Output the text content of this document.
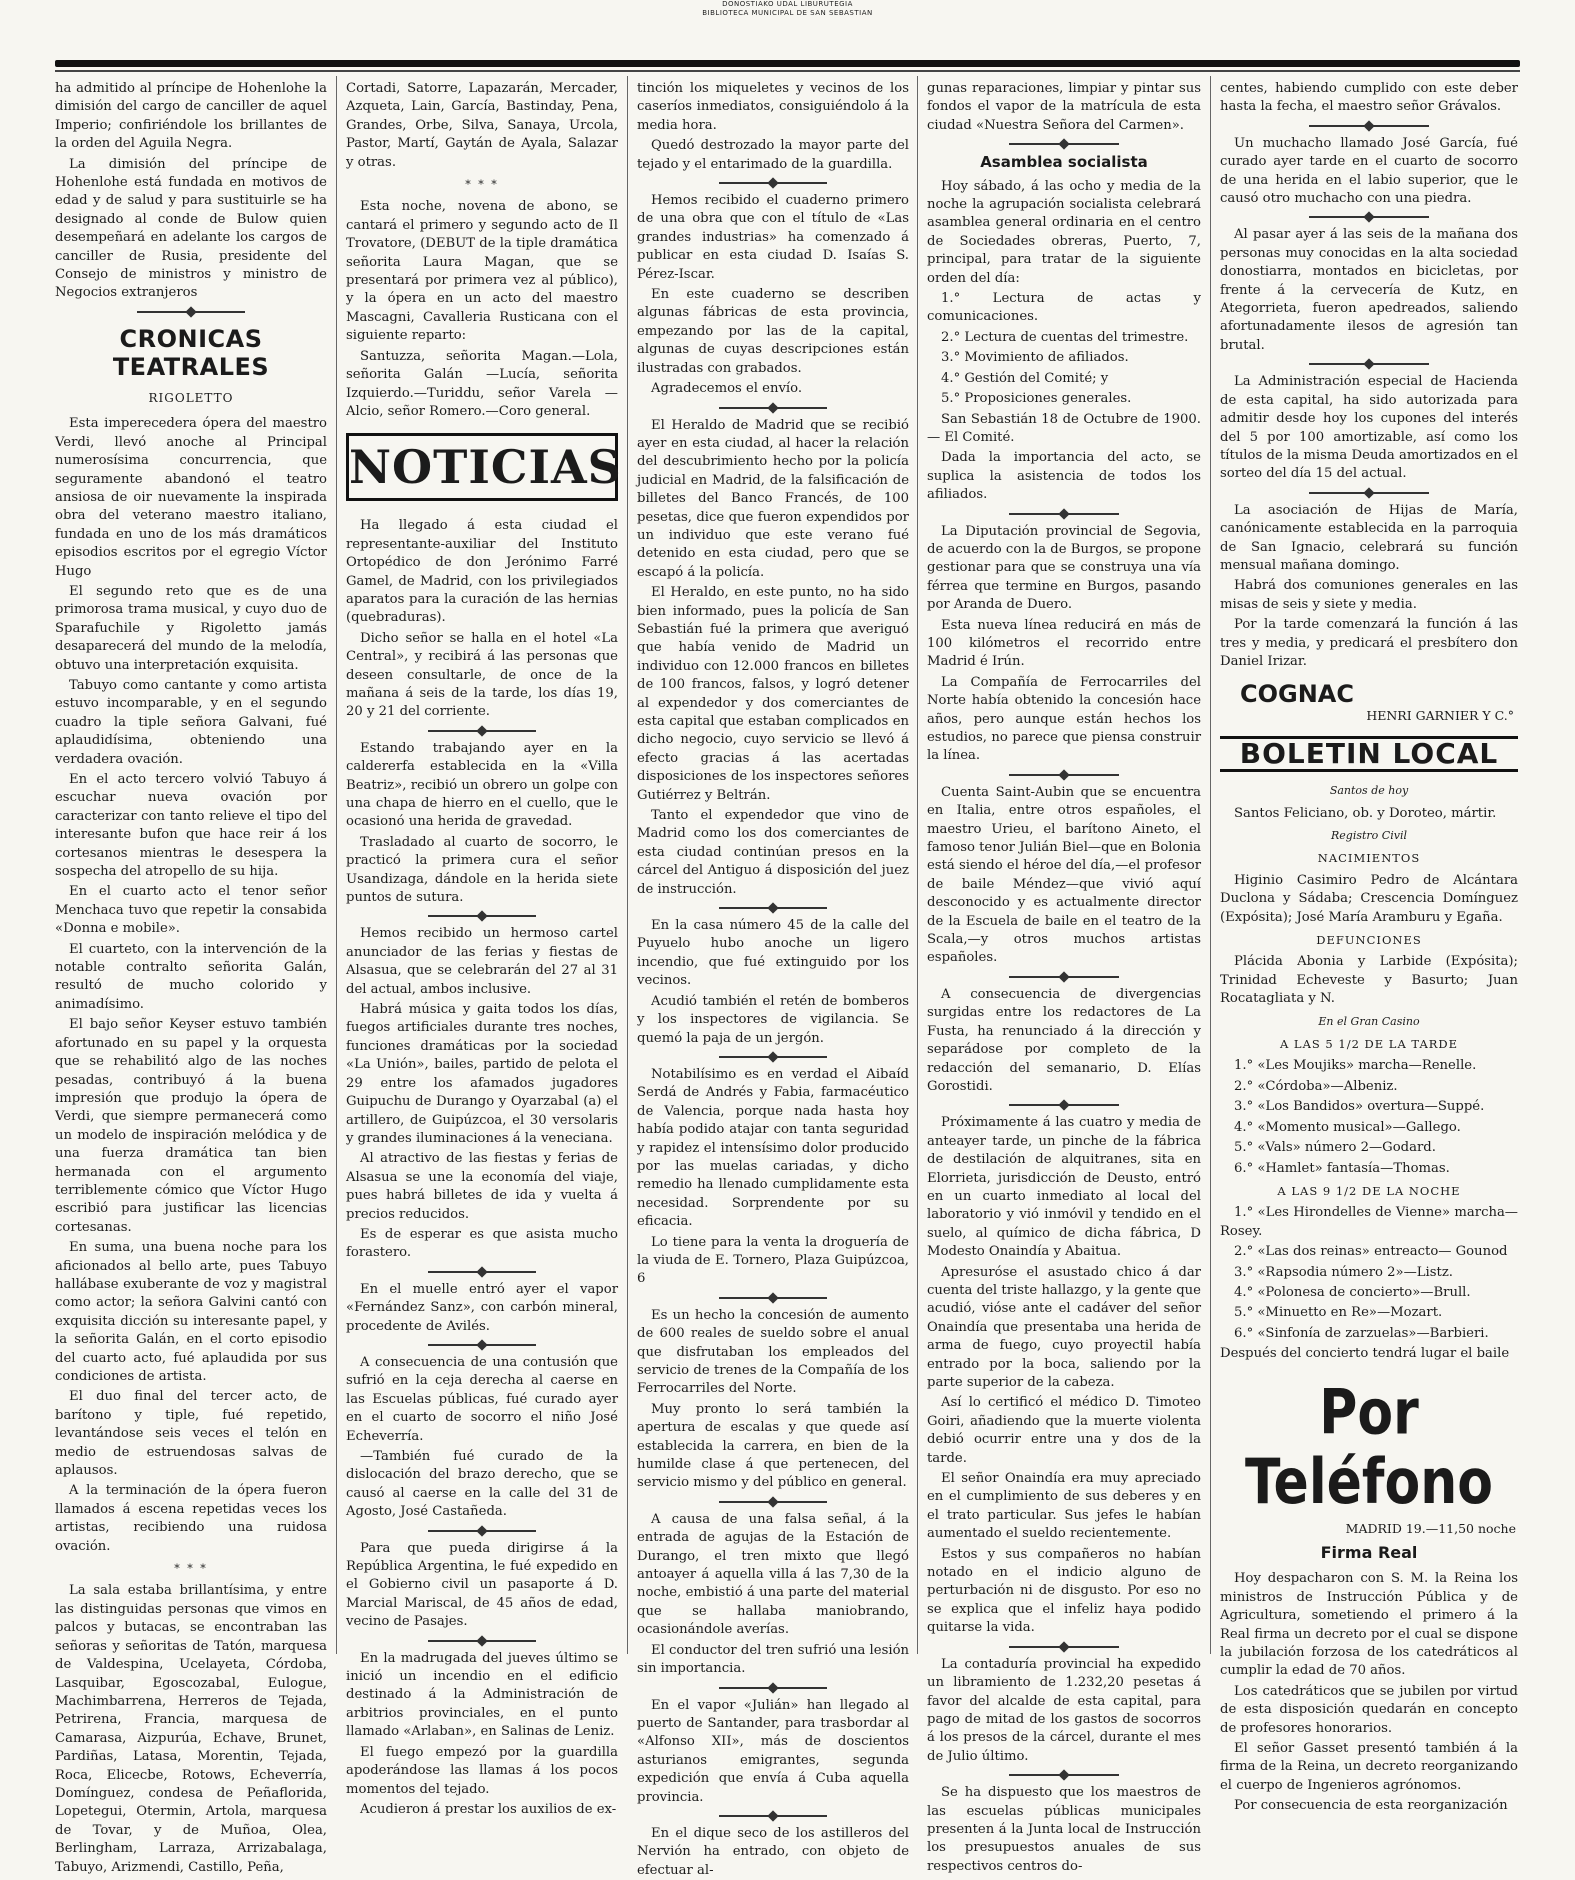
DONOSTIAKO UDAL LIBURUTEGIA
BIBLIOTECA MUNICIPAL DE SAN SEBASTIAN

ha admitido al príncipe de Hohenlohe la dimisión del cargo de canciller de aquel Imperio; confiriéndole los brillantes de la orden del Aguila Negra.

La dimisión del príncipe de Hohenlohe está fundada en motivos de edad y de salud y para sustituirle se ha designado al conde de Bulow quien desempeñará en adelante los cargos de canciller de Rusia, presidente del Consejo de ministros y ministro de Negocios extranjeros

CRONICAS TEATRALES
RIGOLETTO

Esta imperecedera ópera del maestro Verdi, llevó anoche al Principal numerosísima concurrencia, que seguramente abandonó el teatro ansiosa de oir nuevamente la inspirada obra del veterano maestro italiano, fundada en uno de los más dramáticos episodios escritos por el egregio Víctor Hugo

El segundo reto que es de una primorosa trama musical, y cuyo duo de Sparafuchile y Rigoletto jamás desaparecerá del mundo de la melodía, obtuvo una interpretación exquisita.

Tabuyo como cantante y como artista estuvo incomparable, y en el segundo cuadro la tiple señora Galvani, fué aplaudidísima, obteniendo una verdadera ovación.

En el acto tercero volvió Tabuyo á escuchar nueva ovación por caracterizar con tanto relieve el tipo del interesante bufon que hace reir á los cortesanos mientras le desespera la sospecha del atropello de su hija.

En el cuarto acto el tenor señor Menchaca tuvo que repetir la consabida «Donna e mobile».

El cuarteto, con la intervención de la notable contralto señorita Galán, resultó de mucho colorido y animadísimo.

El bajo señor Keyser estuvo también afortunado en su papel y la orquesta que se rehabilitó algo de las noches pesadas, contribuyó á la buena impresión que produjo la ópera de Verdi, que siempre permanecerá como un modelo de inspiración melódica y de una fuerza dramática tan bien hermanada con el argumento terriblemente cómico que Víctor Hugo escribió para justificar las licencias cortesanas.

En suma, una buena noche para los aficionados al bello arte, pues Tabuyo hallábase exuberante de voz y magistral como actor; la señora Galvini cantó con exquisita dicción su interesante papel, y la señorita Galán, en el corto episodio del cuarto acto, fué aplaudida por sus condiciones de artista.

El duo final del tercer acto, de barítono y tiple, fué repetido, levantándose seis veces el telón en medio de estruendosas salvas de aplausos.

A la terminación de la ópera fueron llamados á escena repetidas veces los artistas, recibiendo una ruidosa ovación.

* * *

La sala estaba brillantísima, y entre las distinguidas personas que vimos en palcos y butacas, se encontraban las señoras y señoritas de Tatón, marquesa de Valdespina, Ucelayeta, Córdoba, Lasquibar, Egoscozabal, Eulogue, Machimbarrena, Herreros de Tejada, Petrirena, Francia, marquesa de Camarasa, Aizpurúa, Echave, Brunet, Pardiñas, Latasa, Morentin, Tejada, Roca, Elicecbe, Rotows, Echeverría, Domínguez, condesa de Peñaflorida, Lopetegui, Otermin, Artola, marquesa de Tovar, y de Muñoa, Olea, Berlingham, Larraza, Arrizabalaga, Tabuyo, Arizmendi, Castillo, Peña,

Cortadi, Satorre, Lapazarán, Mercader, Azqueta, Lain, García, Bastinday, Pena, Grandes, Orbe, Silva, Sanaya, Urcola, Pastor, Martí, Gaytán de Ayala, Salazar y otras.

* * *

Esta noche, novena de abono, se cantará el primero y segundo acto de Il Trovatore, (DEBUT de la tiple dramática señorita Laura Magan, que se presentará por primera vez al público), y la ópera en un acto del maestro Mascagni, Cavalleria Rusticana con el siguiente reparto:

Santuzza, señorita Magan.—Lola, señorita Galán —Lucía, señorita Izquierdo.—Turiddu, señor Varela —Alcio, señor Romero.—Coro general.

NOTICIAS

Ha llegado á esta ciudad el representante-auxiliar del Instituto Ortopédico de don Jerónimo Farré Gamel, de Madrid, con los privilegiados aparatos para la curación de las hernias (quebraduras).

Dicho señor se halla en el hotel «La Central», y recibirá á las personas que deseen consultarle, de once de la mañana á seis de la tarde, los días 19, 20 y 21 del corriente.

Estando trabajando ayer en la caldererfa establecida en la «Villa Beatriz», recibió un obrero un golpe con una chapa de hierro en el cuello, que le ocasionó una herida de gravedad.

Trasladado al cuarto de socorro, le practicó la primera cura el señor Usandizaga, dándole en la herida siete puntos de sutura.

Hemos recibido un hermoso cartel anunciador de las ferias y fiestas de Alsasua, que se celebrarán del 27 al 31 del actual, ambos inclusive.

Habrá música y gaita todos los días, fuegos artificiales durante tres noches, funciones dramáticas por la sociedad «La Unión», bailes, partido de pelota el 29 entre los afamados jugadores Guipuchu de Durango y Oyarzabal (a) el artillero, de Guipúzcoa, el 30 versolaris y grandes iluminaciones á la veneciana.

Al atractivo de las fiestas y ferias de Alsasua se une la economía del viaje, pues habrá billetes de ida y vuelta á precios reducidos.

Es de esperar es que asista mucho forastero.

En el muelle entró ayer el vapor «Fernández Sanz», con carbón mineral, procedente de Avilés.

A consecuencia de una contusión que sufrió en la ceja derecha al caerse en las Escuelas públicas, fué curado ayer en el cuarto de socorro el niño José Echeverría.

—También fué curado de la dislocación del brazo derecho, que se causó al caerse en la calle del 31 de Agosto, José Castañeda.

Para que pueda dirigirse á la República Argentina, le fué expedido en el Gobierno civil un pasaporte á D. Marcial Mariscal, de 45 años de edad, vecino de Pasajes.

En la madrugada del jueves último se inició un incendio en el edificio destinado á la Administración de arbitrios provinciales, en el punto llamado «Arlaban», en Salinas de Leniz.

El fuego empezó por la guardilla apoderándose las llamas á los pocos momentos del tejado.

Acudieron á prestar los auxilios de ex-

tinción los miqueletes y vecinos de los caseríos inmediatos, consiguiéndolo á la media hora.

Quedó destrozado la mayor parte del tejado y el entarimado de la guardilla.

Hemos recibido el cuaderno primero de una obra que con el título de «Las grandes industrias» ha comenzado á publicar en esta ciudad D. Isaías S. Pérez-Iscar.

En este cuaderno se describen algunas fábricas de esta provincia, empezando por las de la capital, algunas de cuyas descripciones están ilustradas con grabados.

Agradecemos el envío.

El Heraldo de Madrid que se recibió ayer en esta ciudad, al hacer la relación del descubrimiento hecho por la policía judicial en Madrid, de la falsificación de billetes del Banco Francés, de 100 pesetas, dice que fueron expendidos por un individuo que este verano fué detenido en esta ciudad, pero que se escapó á la policía.

El Heraldo, en este punto, no ha sido bien informado, pues la policía de San Sebastián fué la primera que averiguó que había venido de Madrid un individuo con 12.000 francos en billetes de 100 francos, falsos, y logró detener al expendedor y dos comerciantes de esta capital que estaban complicados en dicho negocio, cuyo servicio se llevó á efecto gracias á las acertadas disposiciones de los inspectores señores Gutiérrez y Beltrán.

Tanto el expendedor que vino de Madrid como los dos comerciantes de esta ciudad continúan presos en la cárcel del Antiguo á disposición del juez de instrucción.

En la casa número 45 de la calle del Puyuelo hubo anoche un ligero incendio, que fué extinguido por los vecinos.

Acudió también el retén de bomberos y los inspectores de vigilancia. Se quemó la paja de un jergón.

Notabilísimo es en verdad el Aibaíd Serdá de Andrés y Fabia, farmacéutico de Valencia, porque nada hasta hoy había podido atajar con tanta seguridad y rapidez el intensísimo dolor producido por las muelas cariadas, y dicho remedio ha llenado cumplidamente esta necesidad. Sorprendente por su eficacia.

Lo tiene para la venta la droguería de la viuda de E. Tornero, Plaza Guipúzcoa, 6

Es un hecho la concesión de aumento de 600 reales de sueldo sobre el anual que disfrutaban los empleados del servicio de trenes de la Compañía de los Ferrocarriles del Norte.

Muy pronto lo será también la apertura de escalas y que quede así establecida la carrera, en bien de la humilde clase á que pertenecen, del servicio mismo y del público en general.

A causa de una falsa señal, á la entrada de agujas de la Estación de Durango, el tren mixto que llegó antoayer á aquella villa á las 7,30 de la noche, embistió á una parte del material que se hallaba maniobrando, ocasionándole averías.

El conductor del tren sufrió una lesión sin importancia.

En el vapor «Julián» han llegado al puerto de Santander, para trasbordar al «Alfonso XII», más de doscientos asturianos emigrantes, segunda expedición que envía á Cuba aquella provincia.

En el dique seco de los astilleros del Nervión ha entrado, con objeto de efectuar al-

gunas reparaciones, limpiar y pintar sus fondos el vapor de la matrícula de esta ciudad «Nuestra Señora del Carmen».

Asamblea socialista

Hoy sábado, á las ocho y media de la noche la agrupación socialista celebrará asamblea general ordinaria en el centro de Sociedades obreras, Puerto, 7, principal, para tratar de la siguiente orden del día:

1.° Lectura de actas y comunicaciones.

2.° Lectura de cuentas del trimestre.

3.° Movimiento de afiliados.

4.° Gestión del Comité; y

5.° Proposiciones generales.

San Sebastián 18 de Octubre de 1900. — El Comité.

Dada la importancia del acto, se suplica la asistencia de todos los afiliados.

La Diputación provincial de Segovia, de acuerdo con la de Burgos, se propone gestionar para que se construya una vía férrea que termine en Burgos, pasando por Aranda de Duero.

Esta nueva línea reducirá en más de 100 kilómetros el recorrido entre Madrid é Irún.

La Compañía de Ferrocarriles del Norte había obtenido la concesión hace años, pero aunque están hechos los estudios, no parece que piensa construir la línea.

Cuenta Saint-Aubin que se encuentra en Italia, entre otros españoles, el maestro Urieu, el barítono Aineto, el famoso tenor Julián Biel—que en Bolonia está siendo el héroe del día,—el profesor de baile Méndez—que vivió aquí desconocido y es actualmente director de la Escuela de baile en el teatro de la Scala,—y otros muchos artistas españoles.

A consecuencia de divergencias surgidas entre los redactores de La Fusta, ha renunciado á la dirección y separádose por completo de la redacción del semanario, D. Elías Gorostidi.

Próximamente á las cuatro y media de anteayer tarde, un pinche de la fábrica de destilación de alquitranes, sita en Elorrieta, jurisdicción de Deusto, entró en un cuarto inmediato al local del laboratorio y vió inmóvil y tendido en el suelo, al químico de dicha fábrica, D Modesto Onaindía y Abaitua.

Apresuróse el asustado chico á dar cuenta del triste hallazgo, y la gente que acudió, vióse ante el cadáver del señor Onaindía que presentaba una herida de arma de fuego, cuyo proyectil había entrado por la boca, saliendo por la parte superior de la cabeza.

Así lo certificó el médico D. Timoteo Goiri, añadiendo que la muerte violenta debió ocurrir entre una y dos de la tarde.

El señor Onaindía era muy apreciado en el cumplimiento de sus deberes y en el trato particular. Sus jefes le habían aumentado el sueldo recientemente.

Estos y sus compañeros no habían notado en el indicio alguno de perturbación ni de disgusto. Por eso no se explica que el infeliz haya podido quitarse la vida.

La contaduría provincial ha expedido un libramiento de 1.232,20 pesetas á favor del alcalde de esta capital, para pago de mitad de los gastos de socorros á los presos de la cárcel, durante el mes de Julio último.

Se ha dispuesto que los maestros de las escuelas públicas municipales presenten á la Junta local de Instrucción los presupuestos anuales de sus respectivos centros do-

centes, habiendo cumplido con este deber hasta la fecha, el maestro señor Grávalos.

Un muchacho llamado José García, fué curado ayer tarde en el cuarto de socorro de una herida en el labio superior, que le causó otro muchacho con una piedra.

Al pasar ayer á las seis de la mañana dos personas muy conocidas en la alta sociedad donostiarra, montados en bicicletas, por frente á la cervecería de Kutz, en Ategorrieta, fueron apedreados, saliendo afortunadamente ilesos de agresión tan brutal.

La Administración especial de Hacienda de esta capital, ha sido autorizada para admitir desde hoy los cupones del interés del 5 por 100 amortizable, así como los títulos de la misma Deuda amortizados en el sorteo del día 15 del actual.

La asociación de Hijas de María, canónicamente establecida en la parroquia de San Ignacio, celebrará su función mensual mañana domingo.

Habrá dos comuniones generales en las misas de seis y siete y media.

Por la tarde comenzará la función á las tres y media, y predicará el presbítero don Daniel Irizar.

COGNAC
HENRI GARNIER Y C.°
BOLETIN LOCAL
Santos de hoy

Santos Feliciano, ob. y Doroteo, mártir.

Registro Civil
NACIMIENTOS

Higinio Casimiro Pedro de Alcántara Duclona y Sádaba; Crescencia Domínguez (Expósita); José María Aramburu y Egaña.

DEFUNCIONES

Plácida Abonia y Larbide (Expósita); Trinidad Echeveste y Basurto; Juan Rocatagliata y N.

En el Gran Casino
A LAS 5 1/2 DE LA TARDE

1.° «Les Moujiks» marcha—Renelle.

2.° «Córdoba»—Albeniz.

3.° «Los Bandidos» overtura—Suppé.

4.° «Momento musical»—Gallego.

5.° «Vals» número 2—Godard.

6.° «Hamlet» fantasía—Thomas.

A LAS 9 1/2 DE LA NOCHE

1.° «Les Hirondelles de Vienne» marcha—Rosey.

2.° «Las dos reinas» entreacto— Gounod

3.° «Rapsodia número 2»—Listz.

4.° «Polonesa de concierto»—Brull.

5.° «Minuetto en Re»—Mozart.

6.° «Sinfonía de zarzuelas»—Barbieri.

Después del concierto tendrá lugar el baile

Por Teléfono
MADRID 19.—11,50 noche
Firma Real

Hoy despacharon con S. M. la Reina los ministros de Instrucción Pública y de Agricultura, sometiendo el primero á la Real firma un decreto por el cual se dispone la jubilación forzosa de los catedráticos al cumplir la edad de 70 años.

Los catedráticos que se jubilen por virtud de esta disposición quedarán en concepto de profesores honorarios.

El señor Gasset presentó también á la firma de la Reina, un decreto reorganizando el cuerpo de Ingenieros agrónomos.

Por consecuencia de esta reorganización
